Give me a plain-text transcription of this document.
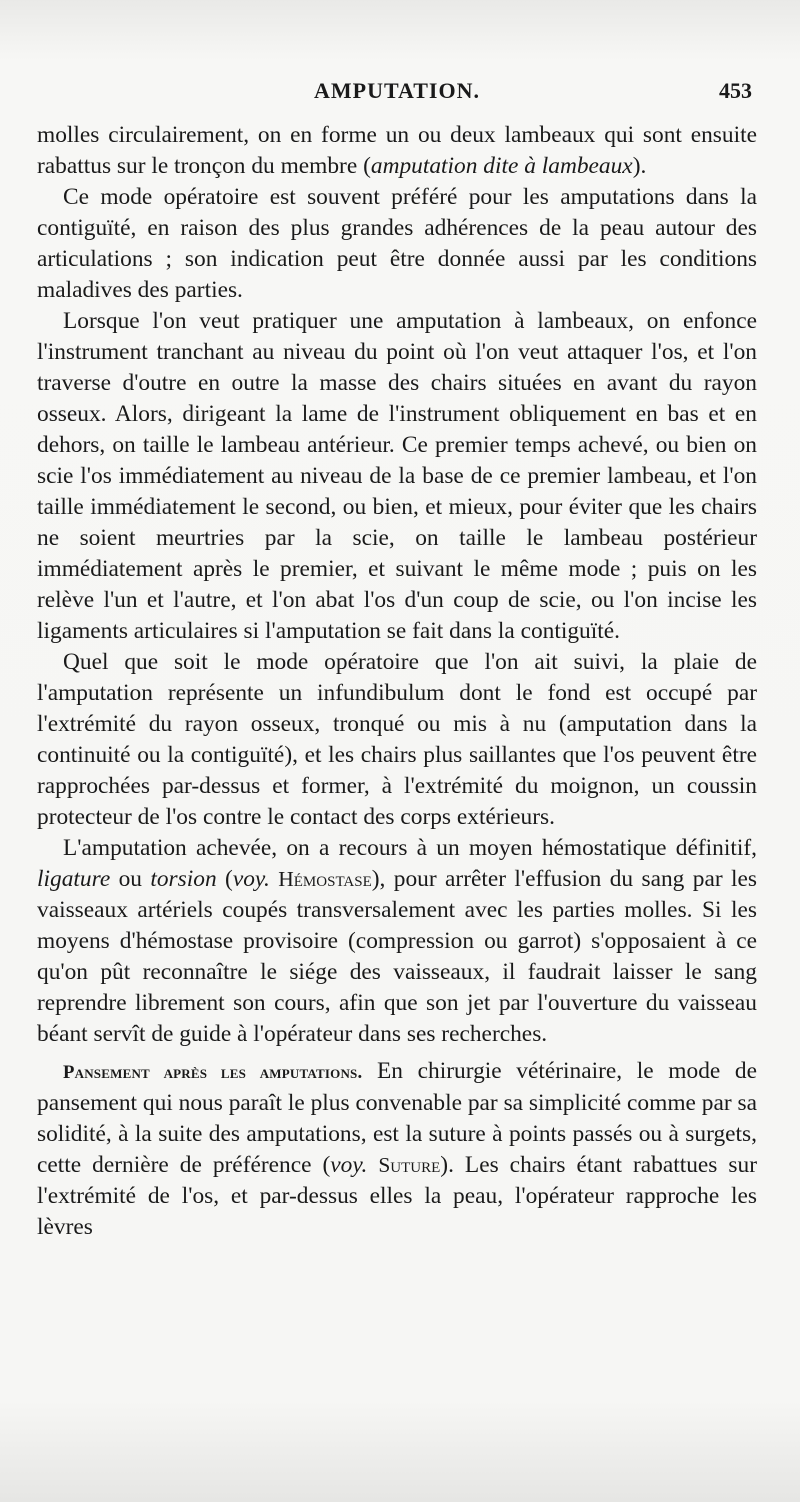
AMPUTATION.	453

molles circulairement, on en forme un ou deux lambeaux qui sont ensuite rabattus sur le tronçon du membre (amputation dite à lambeaux).

Ce mode opératoire est souvent préféré pour les amputations dans la contiguïté, en raison des plus grandes adhérences de la peau autour des articulations ; son indication peut être donnée aussi par les conditions maladives des parties.

Lorsque l'on veut pratiquer une amputation à lambeaux, on enfonce l'instrument tranchant au niveau du point où l'on veut attaquer l'os, et l'on traverse d'outre en outre la masse des chairs situées en avant du rayon osseux. Alors, dirigeant la lame de l'instrument obliquement en bas et en dehors, on taille le lambeau antérieur. Ce premier temps achevé, ou bien on scie l'os immédiatement au niveau de la base de ce premier lambeau, et l'on taille immédiatement le second, ou bien, et mieux, pour éviter que les chairs ne soient meurtries par la scie, on taille le lambeau postérieur immédiatement après le premier, et suivant le même mode ; puis on les relève l'un et l'autre, et l'on abat l'os d'un coup de scie, ou l'on incise les ligaments articulaires si l'amputation se fait dans la contiguïté.

Quel que soit le mode opératoire que l'on ait suivi, la plaie de l'amputation représente un infundibulum dont le fond est occupé par l'extrémité du rayon osseux, tronqué ou mis à nu (amputation dans la continuité ou la contiguïté), et les chairs plus saillantes que l'os peuvent être rapprochées par-dessus et former, à l'extrémité du moignon, un coussin protecteur de l'os contre le contact des corps extérieurs.

L'amputation achevée, on a recours à un moyen hémostatique définitif, ligature ou torsion (voy. Hémostase), pour arrêter l'effusion du sang par les vaisseaux artériels coupés transversalement avec les parties molles. Si les moyens d'hémostase provisoire (compression ou garrot) s'opposaient à ce qu'on pût reconnaître le siége des vaisseaux, il faudrait laisser le sang reprendre librement son cours, afin que son jet par l'ouverture du vaisseau béant servît de guide à l'opérateur dans ses recherches.

Pansement après les amputations. En chirurgie vétérinaire, le mode de pansement qui nous paraît le plus convenable par sa simplicité comme par sa solidité, à la suite des amputations, est la suture à points passés ou à surgets, cette dernière de préférence (voy. Suture). Les chairs étant rabattues sur l'extrémité de l'os, et par-dessus elles la peau, l'opérateur rapproche les lèvres
